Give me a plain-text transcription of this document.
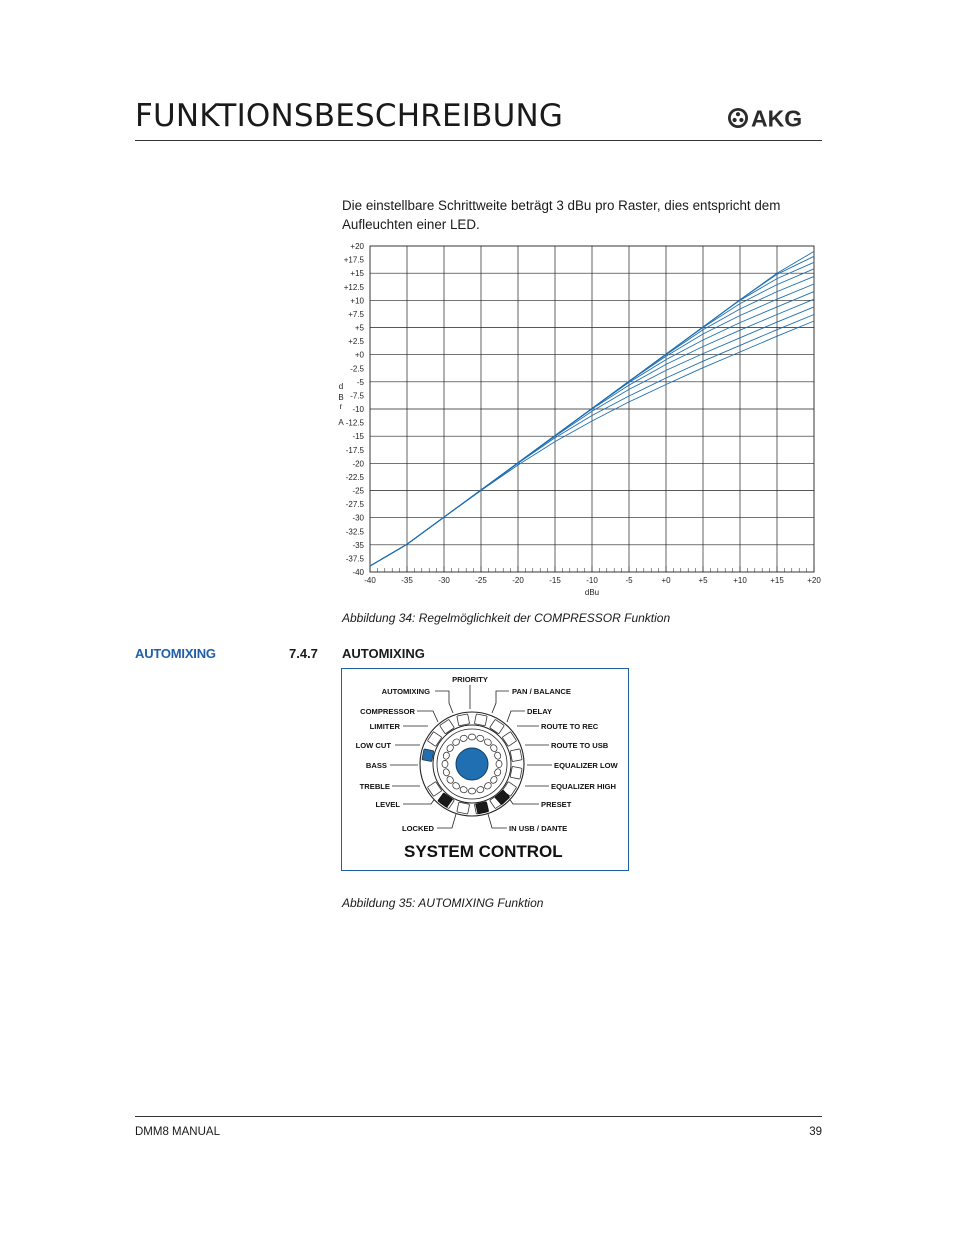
FUNKTIONSBESCHREIBUNG	AKG

Die einstellbare Schrittweite beträgt 3 dBu pro Raster, dies entspricht dem Aufleuchten einer LED.

-40	-35	-30	-25	-20	-15	-10	-5	+0	+5	+10	+15	+20
+20
+17.5
+15
+12.5
+10
+7.5
+5
+2.5
+0
-2.5
-5
-7.5
-10
-12.5
-15
-17.5
-20
-22.5
-25
-27.5
-30
-32.5
-35
-37.5
-40
dBu
d
B
r
A

Abbildung 34: Regelmöglichkeit der COMPRESSOR Funktion

AUTOMIXING	7.4.7 AUTOMIXING
PRIORITY
AUTOMIXING	PAN / BALANCE
COMPRESSOR	DELAY
LIMITER	ROUTE TO REC
LOW CUT	ROUTE TO USB
BASS	EQUALIZER LOW
TREBLE	EQUALIZER HIGH
LEVEL	PRESET
LOCKED	IN USB / DANTE
SYSTEM CONTROL

Abbildung 35: AUTOMIXING Funktion

DMM8 MANUAL	39
